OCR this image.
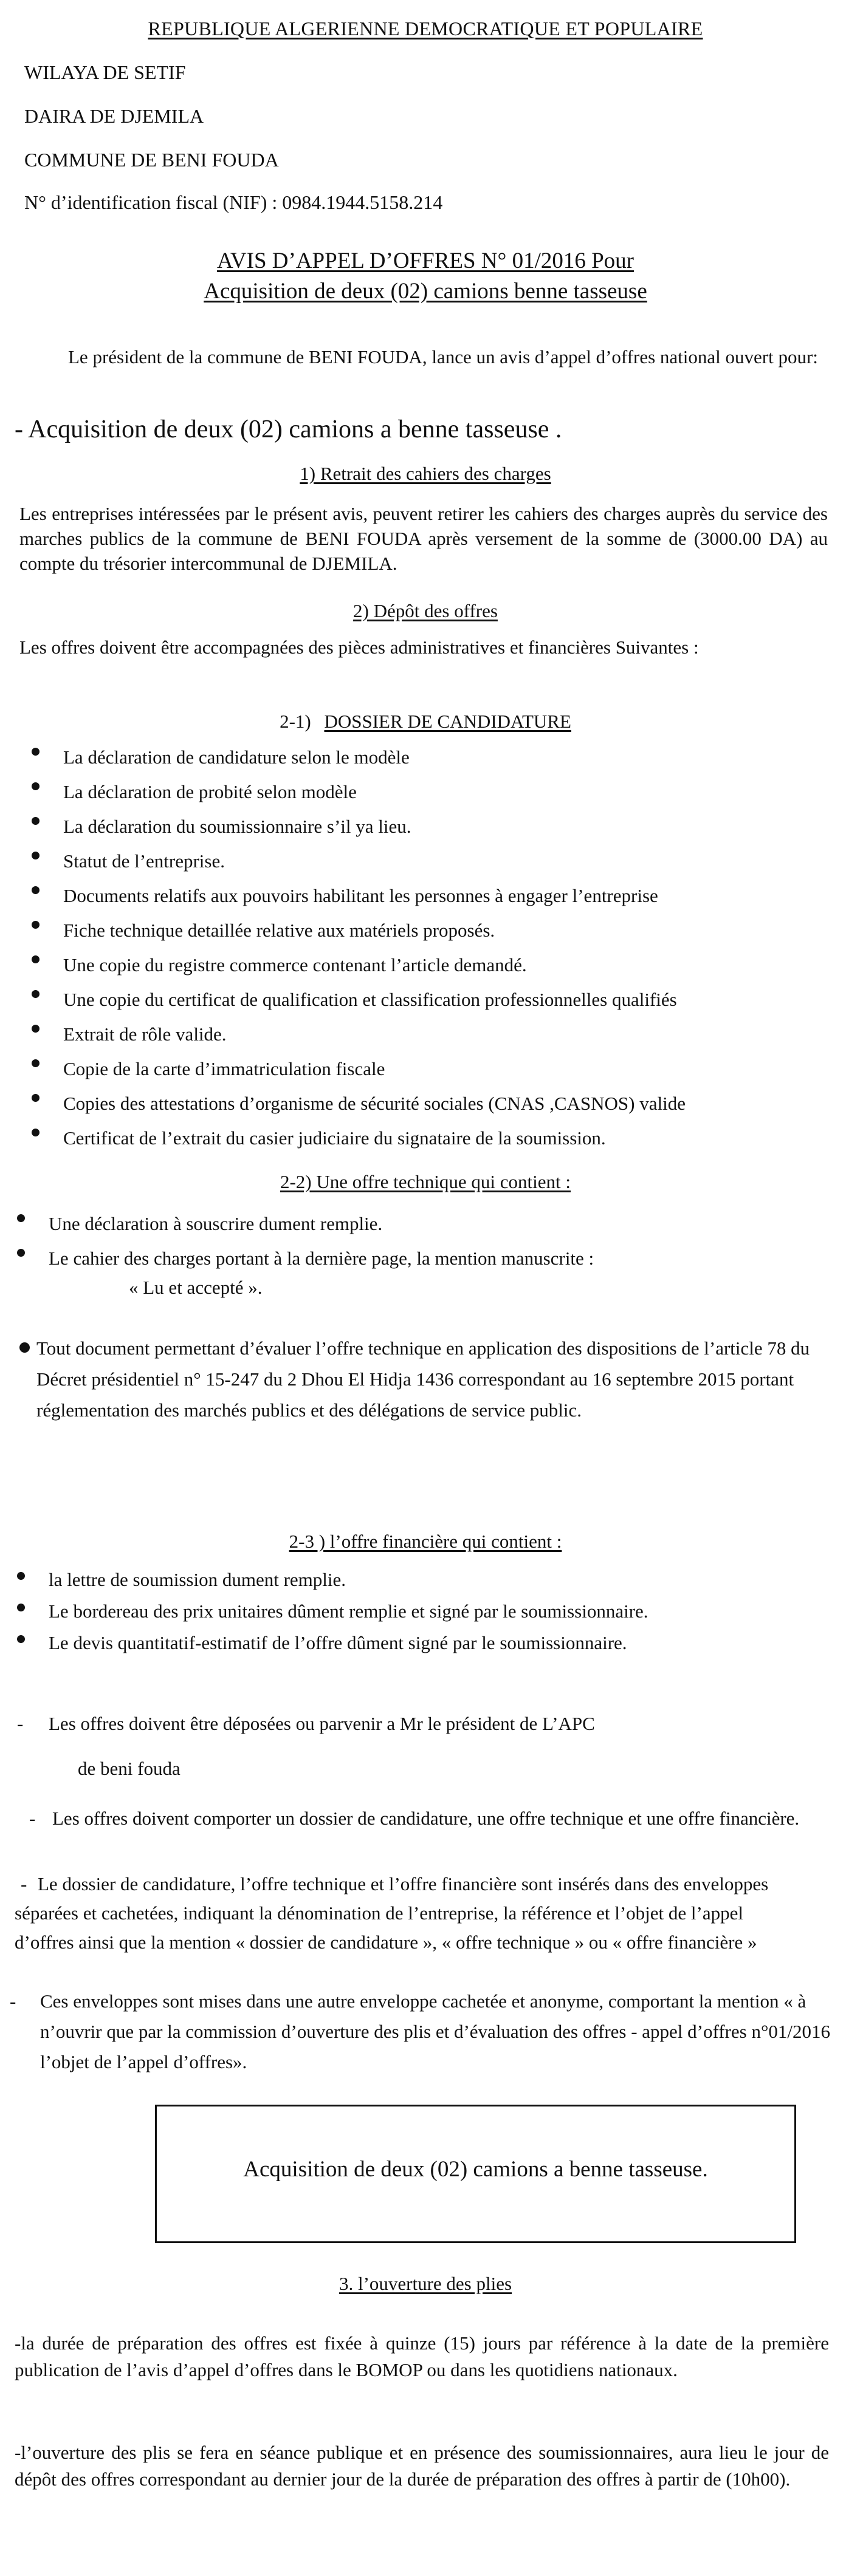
REPUBLIQUE ALGERIENNE DEMOCRATIQUE ET POPULAIRE
WILAYA DE SETIF
DAIRA DE DJEMILA
COMMUNE DE BENI FOUDA
N° d’identification fiscal (NIF) : 0984.1944.5158.214
AVIS D’APPEL D’OFFRES N° 01/2016 Pour
Acquisition de deux (02) camions benne tasseuse
Le président de la commune de BENI FOUDA, lance un avis d’appel d’offres national ouvert pour:
- Acquisition de deux (02) camions a benne tasseuse .
1) Retrait des cahiers des charges
Les entreprises intéressées par le présent avis, peuvent retirer les cahiers des charges auprès du service des marches publics de la commune de BENI FOUDA après versement de la somme de (3000.00 DA) au compte du trésorier intercommunal de DJEMILA.
2) Dépôt des offres
Les offres doivent être accompagnées des pièces administratives et financières Suivantes :
2-1) DOSSIER DE CANDIDATURE
La déclaration de candidature selon le modèle
La déclaration de probité selon modèle
La déclaration du soumissionnaire s’il ya lieu.
Statut de l’entreprise.
Documents relatifs aux pouvoirs habilitant les personnes à engager l’entreprise
Fiche technique detaillée relative aux matériels proposés.
Une copie du registre commerce contenant l’article demandé.
Une copie du certificat de qualification et classification professionnelles qualifiés
Extrait de rôle valide.
Copie de la carte d’immatriculation fiscale
Copies des attestations d’organisme de sécurité sociales (CNAS ,CASNOS) valide
Certificat de l’extrait du casier judiciaire du signataire de la soumission.
2-2) Une offre technique qui contient :
Une déclaration à souscrire dument remplie.
Le cahier des charges portant à la dernière page, la mention manuscrite :
« Lu et accepté ».
Tout document permettant d’évaluer l’offre technique en application des dispositions de l’article 78 du Décret présidentiel n° 15-247 du 2 Dhou El Hidja 1436 correspondant au 16 septembre 2015 portant réglementation des marchés publics et des délégations de service public.
2-3 ) l’offre financière qui contient :
la lettre de soumission dument remplie.
Le bordereau des prix unitaires dûment remplie et signé par le soumissionnaire.
Le devis quantitatif-estimatif de l’offre dûment signé par le soumissionnaire.
- Les offres doivent être déposées ou parvenir a Mr le président de L’APC
de beni fouda
- Les offres doivent comporter un dossier de candidature, une offre technique et une offre financière.
- Le dossier de candidature, l’offre technique et l’offre financière sont insérés dans des enveloppes séparées et cachetées, indiquant la dénomination de l’entreprise, la référence et l’objet de l’appel d’offres ainsi que la mention « dossier de candidature », « offre technique » ou « offre financière »
- Ces enveloppes sont mises dans une autre enveloppe cachetée et anonyme, comportant la mention « à n’ouvrir que par la commission d’ouverture des plis et d’évaluation des offres - appel d’offres n°01/2016 l’objet de l’appel d’offres».
Acquisition de deux (02) camions a benne tasseuse.
3. l’ouverture des plies
-la durée de préparation des offres est fixée à quinze (15) jours par référence à la date de la première publication de l’avis d’appel d’offres dans le BOMOP ou dans les quotidiens nationaux.
-l’ouverture des plis se fera en séance publique et en présence des soumissionnaires, aura lieu le jour de dépôt des offres correspondant au dernier jour de la durée de préparation des offres à partir de (10h00).
